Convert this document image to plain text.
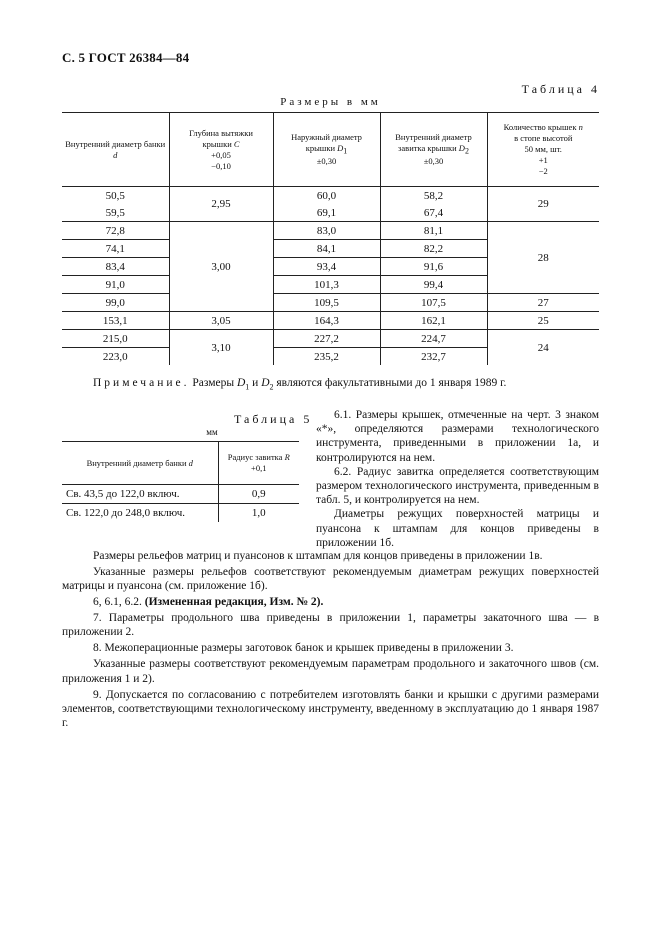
С. 5 ГОСТ 26384—84
Таблица 4
Размеры в мм
Внутренний диаметр банки
d	Глубина вытяжки
крышки C
+0,05
−0,10	Наружный диаметр
крышки $D_1$
±0,30	Внутренний диаметр
завитка крышки $D_2$
±0,30	Количество крышек n
в стопе высотой
50 мм, шт.
+1
−2
50,5	2,95	60,0	58,2	29
59,5		69,1	67,4	
72,8	3,00	83,0	81,1	28
74,1		84,1	82,2	
83,4		93,4	91,6	
91,0		101,3	99,4	
99,0		109,5	107,5	27
153,1	3,05	164,3	162,1	25
215,0	3,10	227,2	224,7	24
223,0		235,2	232,7	
Примечание. Размеры $D_1$ и $D_2$ являются факультативными до 1 января 1989 г.
Таблица 5
мм
Внутренний диаметр банки d	Радиус завитка R
+0,1
Св. 43,5 до 122,0 включ.	0,9
Св. 122,0 до 248,0 включ.	1,0

6.1. Размеры крышек, отмеченные на черт. 3 знаком «*», определяются размерами технологического инструмента, приведенными в приложении 1а, и контролируются на нем.

6.2. Радиус завитка определяется соответствующим размером технологического инструмента, приведенным в табл. 5, и контролируется на нем.

Диаметры режущих поверхностей матрицы и пуансона к штампам для концов приведены в приложении 1б.

Размеры рельефов матриц и пуансонов к штампам для концов приведены в приложении 1в.

Указанные размеры рельефов соответствуют рекомендуемым диаметрам режущих поверхностей матрицы и пуансона (см. приложение 1б).

6, 6.1, 6.2. (Измененная редакция, Изм. № 2).

7. Параметры продольного шва приведены в приложении 1, параметры закаточного шва — в приложении 2.

8. Межоперационные размеры заготовок банок и крышек приведены в приложении 3.

Указанные размеры соответствуют рекомендуемым параметрам продольного и закаточного швов (см. приложения 1 и 2).

9. Допускается по согласованию с потребителем изготовлять банки и крышки с другими размерами элементов, соответствующими технологическому инструменту, введенному в эксплуатацию до 1 января 1987 г.
